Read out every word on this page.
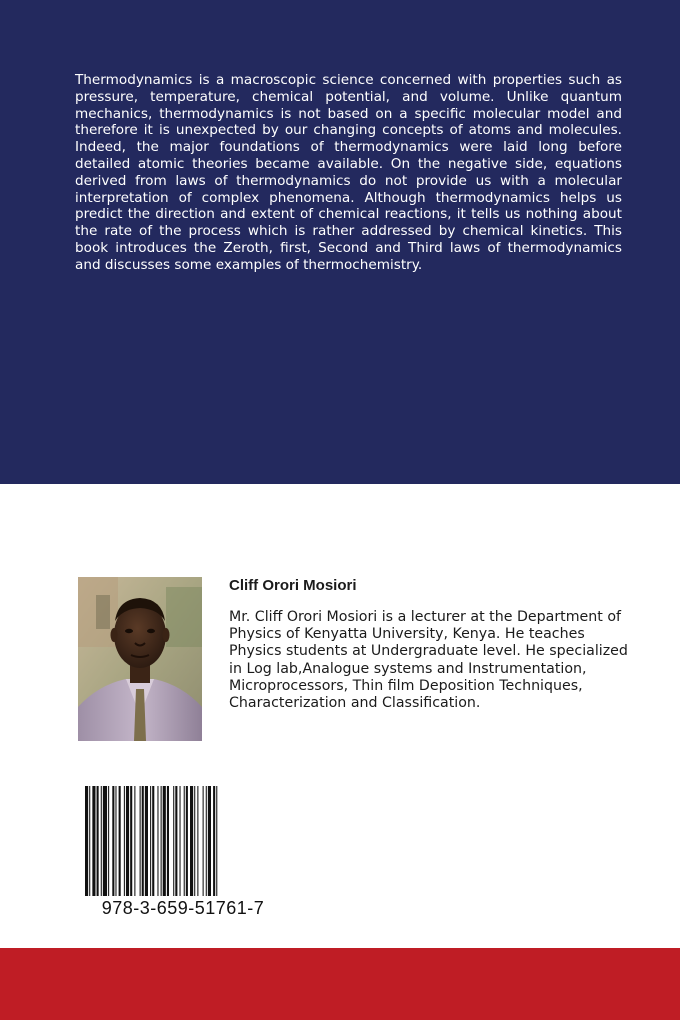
Thermodynamics is a macroscopic science concerned with properties such as pressure, temperature, chemical potential, and volume. Unlike quantum mechanics, thermodynamics is not based on a specific molecular model and therefore it is unexpected by our changing concepts of atoms and molecules. Indeed, the major foundations of thermodynamics were laid long before detailed atomic theories became available. On the negative side, equations derived from laws of thermodynamics do not provide us with a molecular interpretation of complex phenomena. Although thermodynamics helps us predict the direction and extent of chemical reactions, it tells us nothing about the rate of the process which is rather addressed by chemical kinetics. This book introduces the Zeroth, first, Second and Third laws of thermodynamics and discusses some examples of thermochemistry.

Cliff Orori Mosiori

Mr. Cliff Orori Mosiori is a lecturer at the Department of Physics of Kenyatta University, Kenya. He teaches Physics students at Undergraduate level. He specialized in Log lab,Analogue systems and Instrumentation, Microprocessors, Thin film Deposition Techniques, Characterization and Classification.

978-3-659-51761-7
